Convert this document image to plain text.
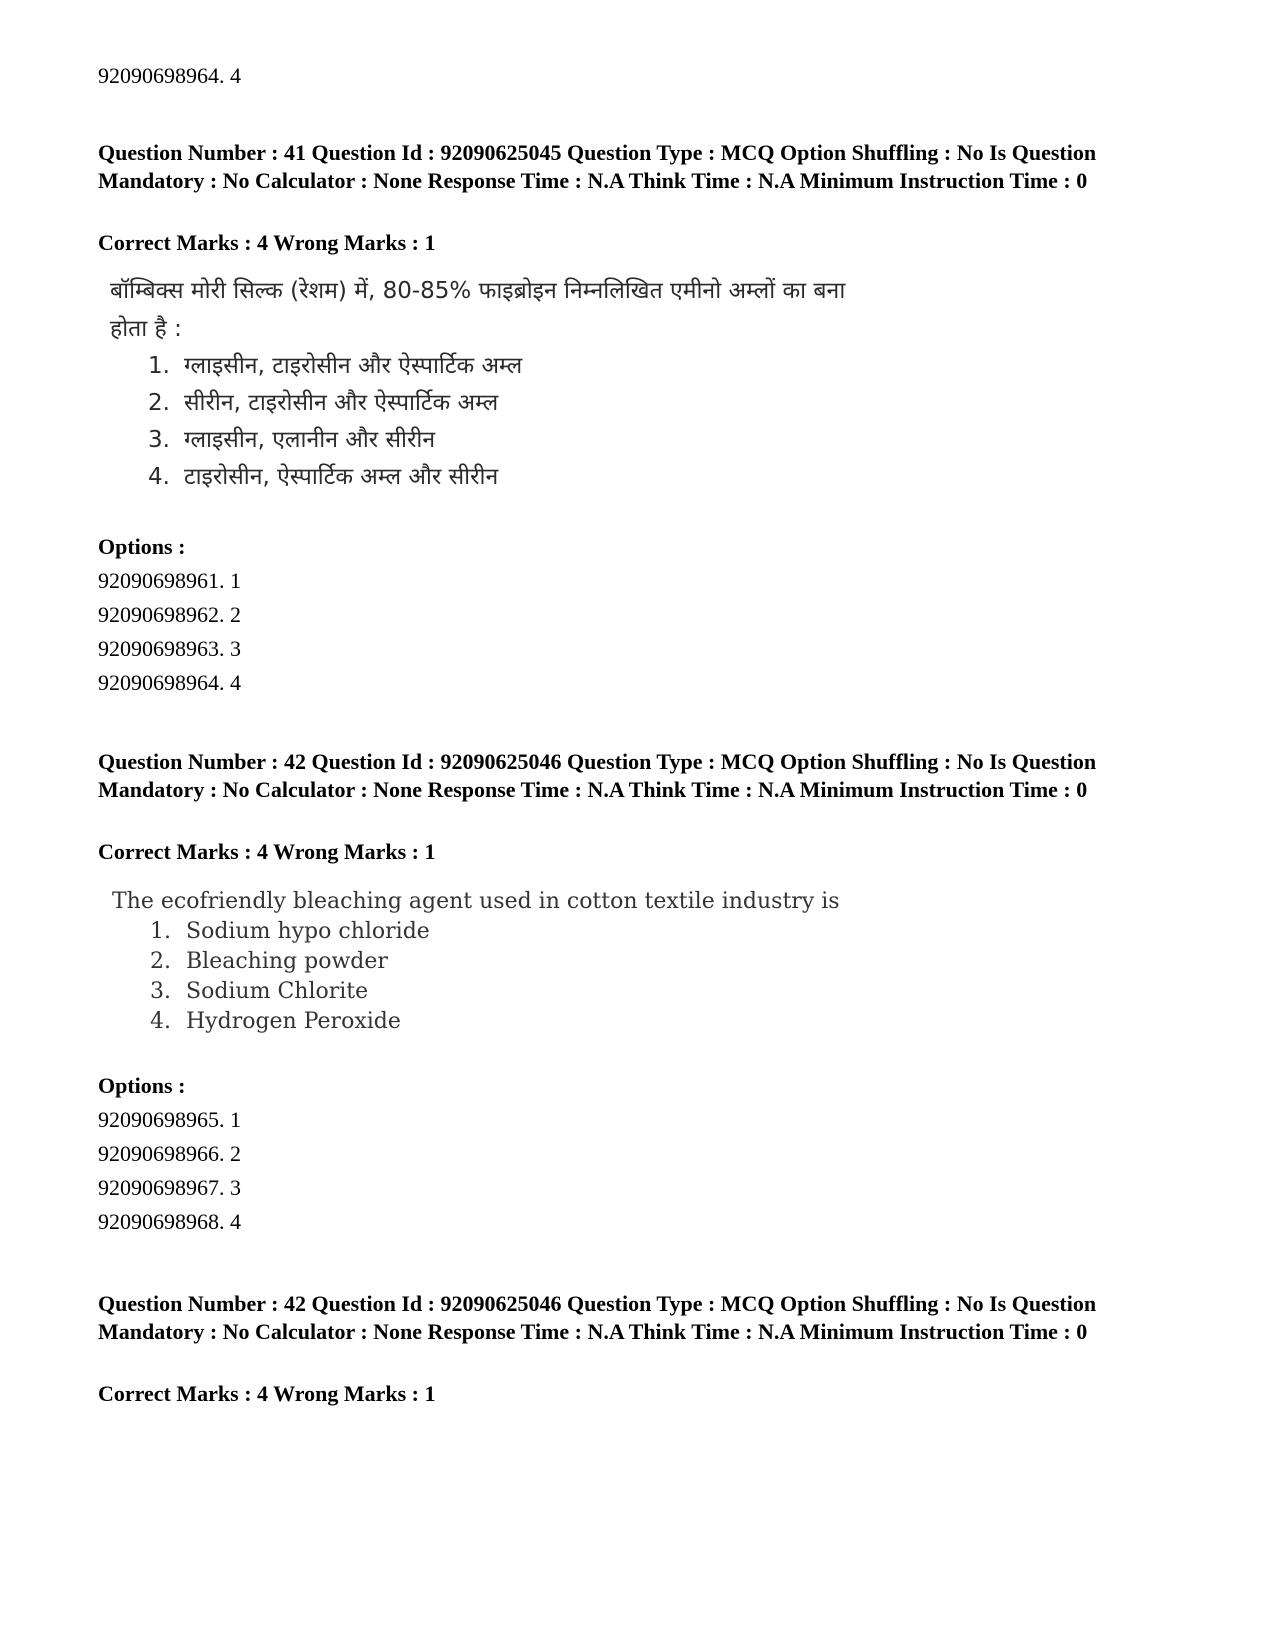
92090698964. 4
Question Number : 41 Question Id : 92090625045 Question Type : MCQ Option Shuffling : No Is Question Mandatory : No Calculator : None Response Time : N.A Think Time : N.A Minimum Instruction Time : 0
Correct Marks : 4 Wrong Marks : 1
बॉम्बिक्स मोरी सिल्क (रेशम) में, 80-85% फाइब्रोइन निम्नलिखित एमीनो अम्लों का बना
होता है :
1. ग्लाइसीन, टाइरोसीन और ऐस्पार्टिक अम्ल
2. सीरीन, टाइरोसीन और ऐस्पार्टिक अम्ल
3. ग्लाइसीन, एलानीन और सीरीन
4. टाइरोसीन, ऐस्पार्टिक अम्ल और सीरीन
Options :
92090698961. 1
92090698962. 2
92090698963. 3
92090698964. 4
Question Number : 42 Question Id : 92090625046 Question Type : MCQ Option Shuffling : No Is Question Mandatory : No Calculator : None Response Time : N.A Think Time : N.A Minimum Instruction Time : 0
Correct Marks : 4 Wrong Marks : 1
The ecofriendly bleaching agent used in cotton textile industry is
1. Sodium hypo chloride
2. Bleaching powder
3. Sodium Chlorite
4. Hydrogen Peroxide
Options :
92090698965. 1
92090698966. 2
92090698967. 3
92090698968. 4
Question Number : 42 Question Id : 92090625046 Question Type : MCQ Option Shuffling : No Is Question Mandatory : No Calculator : None Response Time : N.A Think Time : N.A Minimum Instruction Time : 0
Correct Marks : 4 Wrong Marks : 1
